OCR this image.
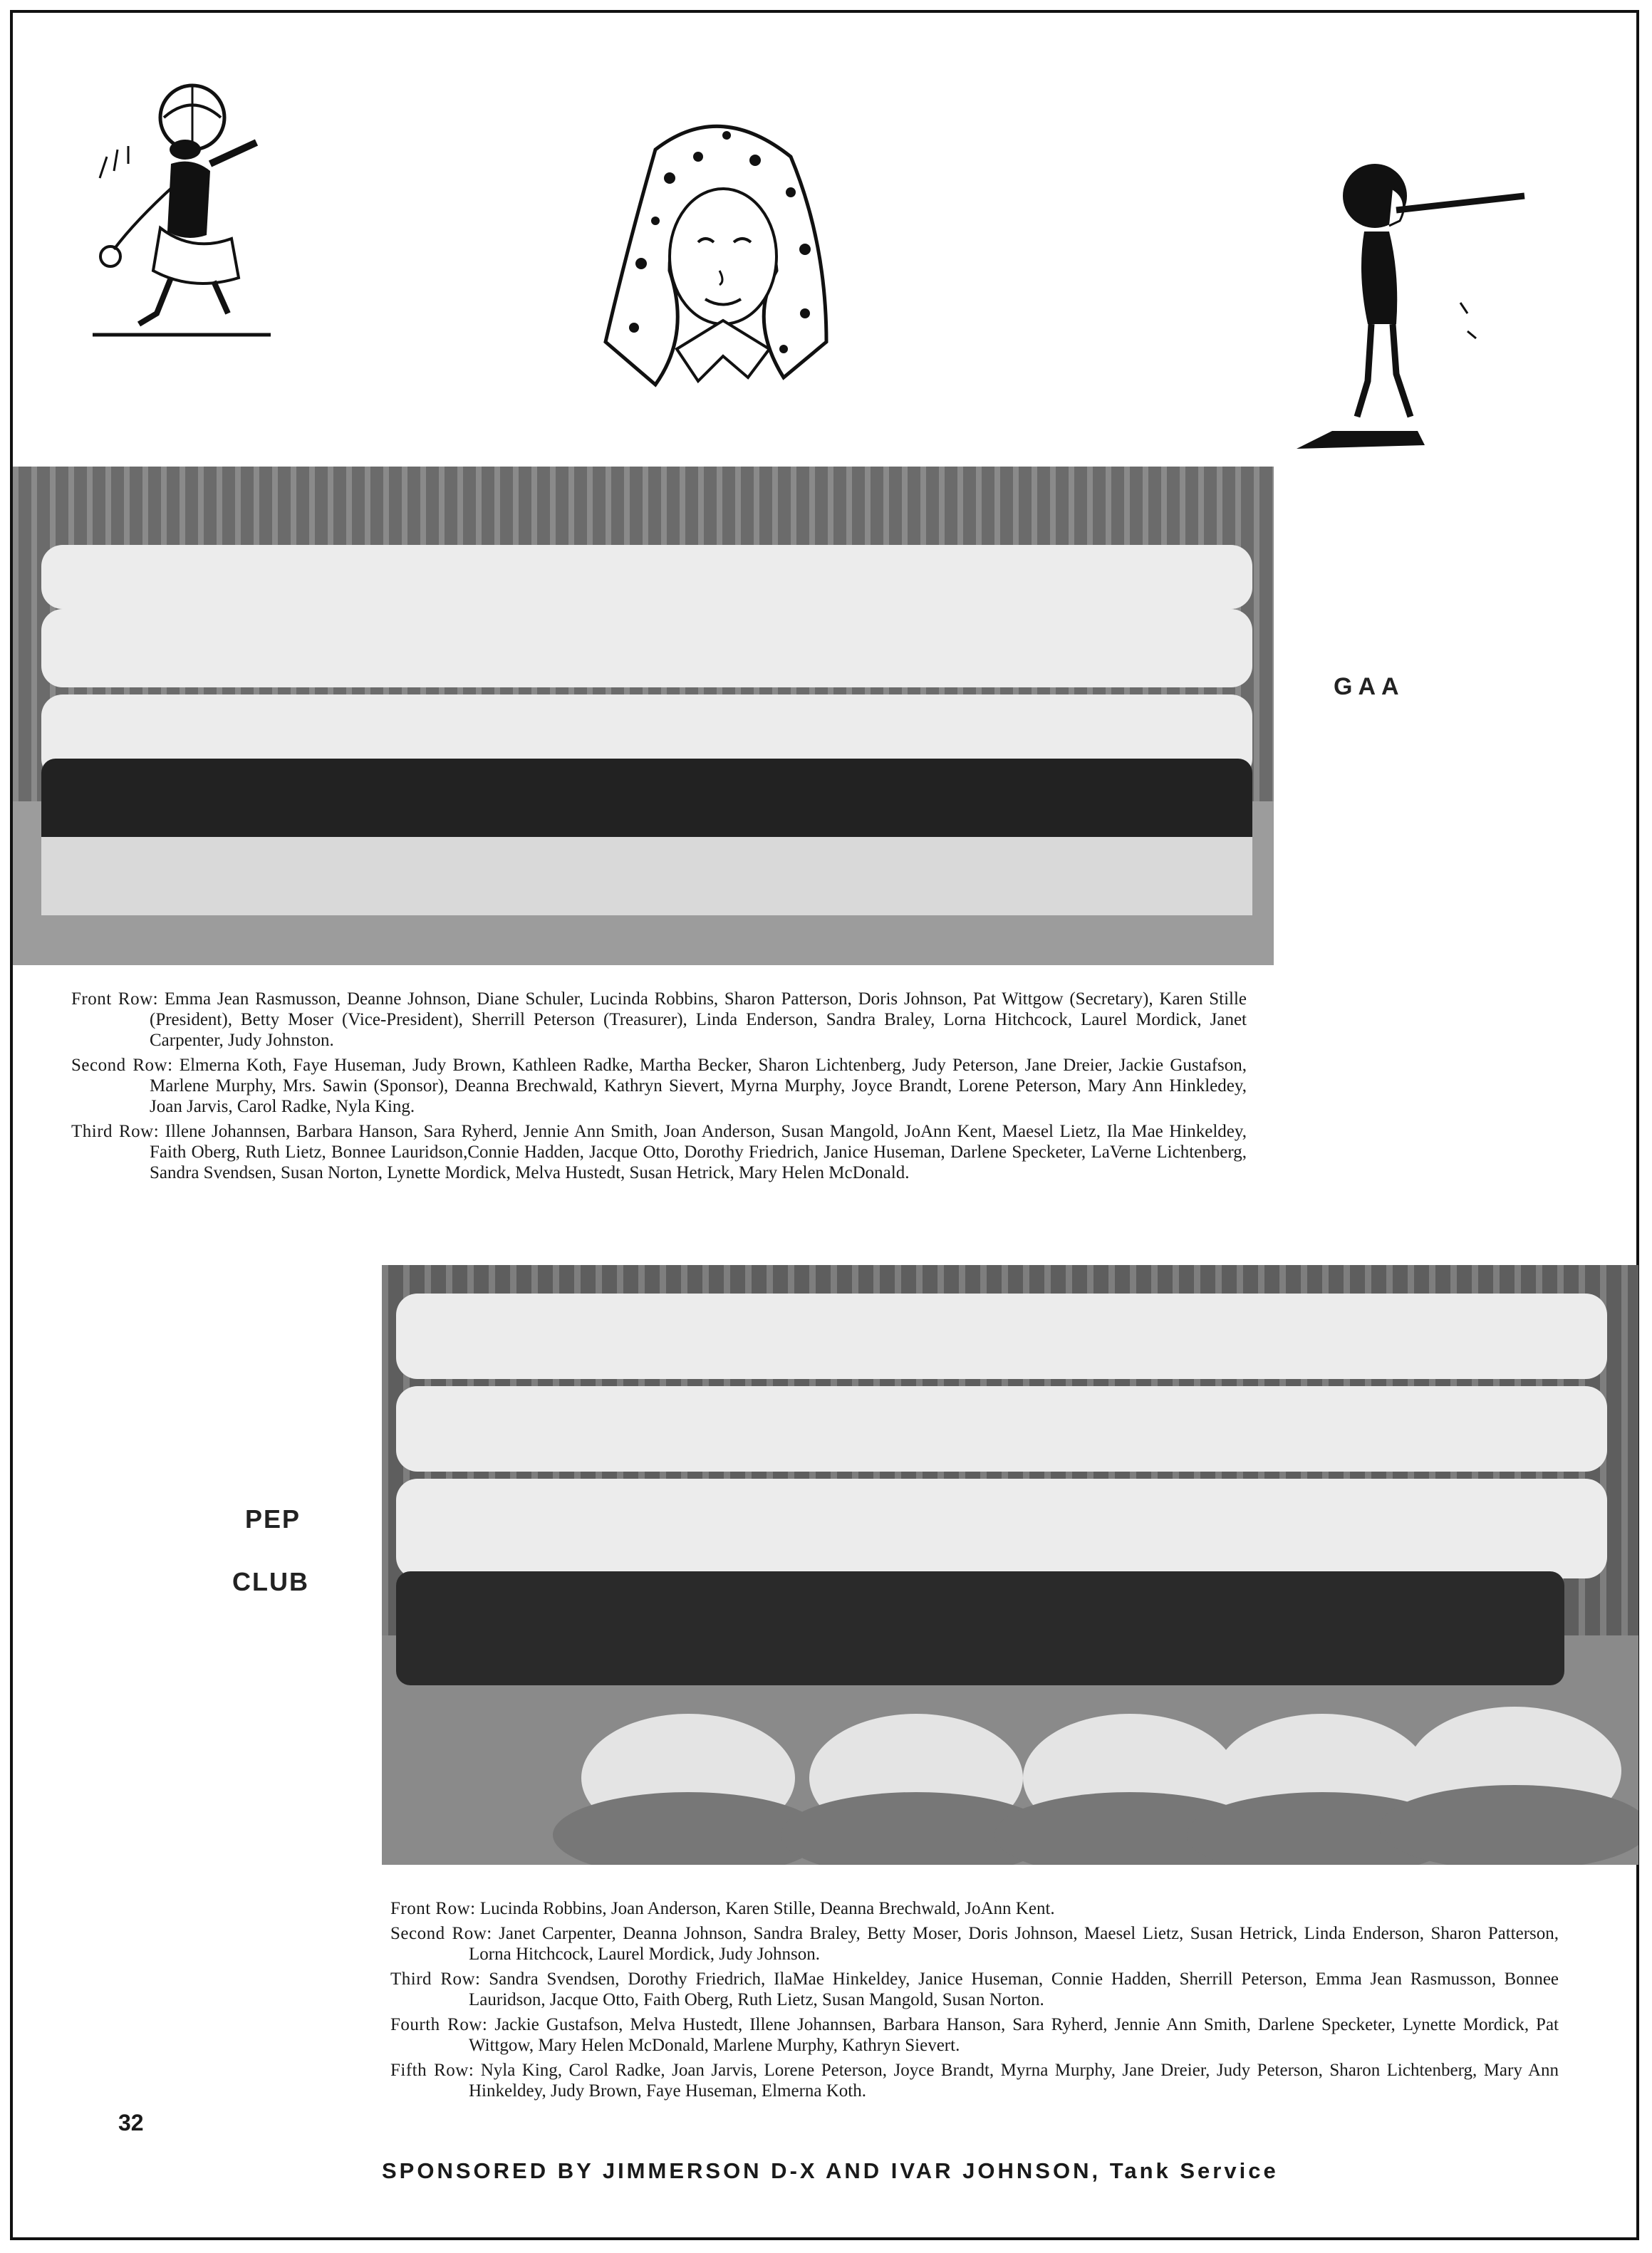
GAA

Front Row: Emma Jean Rasmusson, Deanne Johnson, Diane Schuler, Lucinda Robbins, Sharon Patterson, Doris Johnson, Pat Wittgow (Secretary), Karen Stille (President), Betty Moser (Vice-President), Sherrill Peterson (Treasurer), Linda Enderson, Sandra Braley, Lorna Hitchcock, Laurel Mordick, Janet Carpenter, Judy Johnston.

Second Row: Elmerna Koth, Faye Huseman, Judy Brown, Kathleen Radke, Martha Becker, Sharon Lichtenberg, Judy Peterson, Jane Dreier, Jackie Gustafson, Marlene Murphy, Mrs. Sawin (Sponsor), Deanna Brechwald, Kathryn Sievert, Myrna Murphy, Joyce Brandt, Lorene Peterson, Mary Ann Hinkledey, Joan Jarvis, Carol Radke, Nyla King.

Third Row: Illene Johannsen, Barbara Hanson, Sara Ryherd, Jennie Ann Smith, Joan Anderson, Susan Mangold, JoAnn Kent, Maesel Lietz, Ila Mae Hinkeldey, Faith Oberg, Ruth Lietz, Bonnee Lauridson,Connie Hadden, Jacque Otto, Dorothy Friedrich, Janice Huseman, Darlene Specketer, LaVerne Lichtenberg, Sandra Svendsen, Susan Norton, Lynette Mordick, Melva Hustedt, Susan Hetrick, Mary Helen McDonald.

PEP
CLUB

Front Row: Lucinda Robbins, Joan Anderson, Karen Stille, Deanna Brechwald, JoAnn Kent.

Second Row: Janet Carpenter, Deanna Johnson, Sandra Braley, Betty Moser, Doris Johnson, Maesel Lietz, Susan Hetrick, Linda Enderson, Sharon Patterson, Lorna Hitchcock, Laurel Mordick, Judy Johnson.

Third Row: Sandra Svendsen, Dorothy Friedrich, IlaMae Hinkeldey, Janice Huseman, Connie Hadden, Sherrill Peterson, Emma Jean Rasmusson, Bonnee Lauridson, Jacque Otto, Faith Oberg, Ruth Lietz, Susan Mangold, Susan Norton.

Fourth Row: Jackie Gustafson, Melva Hustedt, Illene Johannsen, Barbara Hanson, Sara Ryherd, Jennie Ann Smith, Darlene Specketer, Lynette Mordick, Pat Wittgow, Mary Helen McDonald, Marlene Murphy, Kathryn Sievert.

Fifth Row: Nyla King, Carol Radke, Joan Jarvis, Lorene Peterson, Joyce Brandt, Myrna Murphy, Jane Dreier, Judy Peterson, Sharon Lichtenberg, Mary Ann Hinkeldey, Judy Brown, Faye Huseman, Elmerna Koth.

32
SPONSORED BY JIMMERSON D-X AND IVAR JOHNSON, Tank Service
